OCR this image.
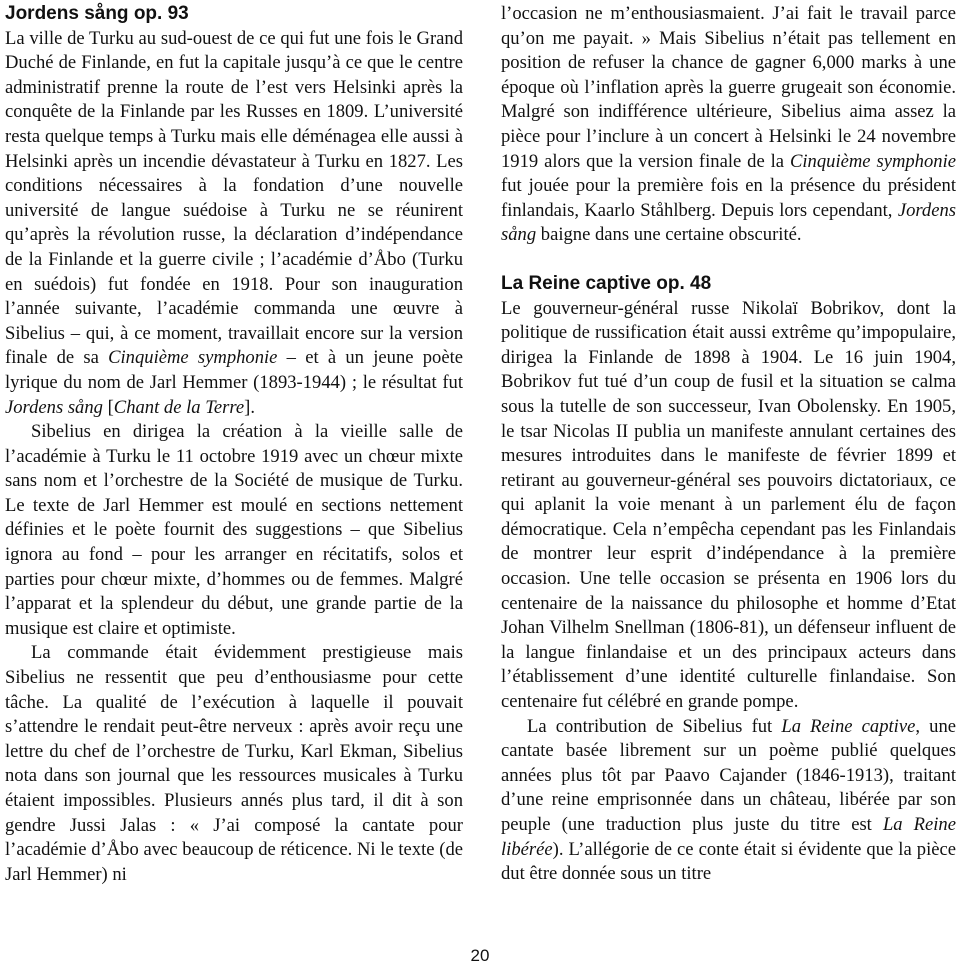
Jordens sång op. 93

La ville de Turku au sud-ouest de ce qui fut une fois le Grand Duché de Finlande, en fut la capitale jusqu’à ce que le centre administratif prenne la route de l’est vers Helsinki après la conquête de la Finlande par les Russes en 1809. L’université resta quelque temps à Turku mais elle déménagea elle aussi à Helsinki après un incendie dévastateur à Turku en 1827. Les conditions nécessaires à la fondation d’une nouvelle université de langue suédoise à Turku ne se réunirent qu’après la révolution russe, la déclaration d’indépendance de la Finlande et la guerre civile ; l’académie d’Åbo (Turku en suédois) fut fondée en 1918. Pour son inauguration l’année suivante, l’académie commanda une œuvre à Sibelius – qui, à ce moment, travaillait encore sur la version finale de sa Cinquième symphonie – et à un jeune poète lyrique du nom de Jarl Hemmer (1893-1944) ; le résultat fut Jordens sång [Chant de la Terre].

Sibelius en dirigea la création à la vieille salle de l’académie à Turku le 11 octobre 1919 avec un chœur mixte sans nom et l’orchestre de la Société de musique de Turku. Le texte de Jarl Hemmer est moulé en sections nettement définies et le poète fournit des suggestions – que Sibelius ignora au fond – pour les arranger en récitatifs, solos et parties pour chœur mixte, d’hommes ou de femmes. Malgré l’apparat et la splendeur du début, une grande partie de la musique est claire et optimiste.

La commande était évidemment prestigieuse mais Sibelius ne ressentit que peu d’enthousiasme pour cette tâche. La qualité de l’exécution à laquelle il pouvait s’attendre le rendait peut-être nerveux : après avoir reçu une lettre du chef de l’orchestre de Turku, Karl Ekman, Sibelius nota dans son journal que les ressources musicales à Turku étaient impossibles. Plusieurs annés plus tard, il dit à son gendre Jussi Jalas : « J’ai composé la cantate pour l’académie d’Åbo avec beaucoup de réticence. Ni le texte (de Jarl Hemmer) ni

l’occasion ne m’enthousiasmaient. J’ai fait le travail parce qu’on me payait. » Mais Sibelius n’était pas tellement en position de refuser la chance de gagner 6,000 marks à une époque où l’inflation après la guerre grugeait son économie. Malgré son indifférence ultérieure, Sibelius aima assez la pièce pour l’inclure à un concert à Helsinki le 24 novembre 1919 alors que la version finale de la Cinquième symphonie fut jouée pour la première fois en la présence du président finlandais, Kaarlo Ståhlberg. Depuis lors cependant, Jordens sång baigne dans une certaine obscurité.

La Reine captive op. 48

Le gouverneur-général russe Nikolaï Bobrikov, dont la politique de russification était aussi extrême qu’impopulaire, dirigea la Finlande de 1898 à 1904. Le 16 juin 1904, Bobrikov fut tué d’un coup de fusil et la situation se calma sous la tutelle de son successeur, Ivan Obolensky. En 1905, le tsar Nicolas II publia un manifeste annulant certaines des mesures introduites dans le manifeste de février 1899 et retirant au gouverneur-général ses pouvoirs dictatoriaux, ce qui aplanit la voie menant à un parlement élu de façon démocratique. Cela n’empêcha cependant pas les Finlandais de montrer leur esprit d’indépendance à la première occasion. Une telle occasion se présenta en 1906 lors du centenaire de la naissance du philosophe et homme d’Etat Johan Vilhelm Snellman (1806-81), un défenseur influent de la langue finlandaise et un des principaux acteurs dans l’établissement d’une identité culturelle finlandaise. Son centenaire fut célébré en grande pompe.

La contribution de Sibelius fut La Reine captive, une cantate basée librement sur un poème publié quelques années plus tôt par Paavo Cajander (1846-1913), traitant d’une reine emprisonnée dans un château, libérée par son peuple (une traduction plus juste du titre est La Reine libérée). L’allégorie de ce conte était si évidente que la pièce dut être donnée sous un titre

20
